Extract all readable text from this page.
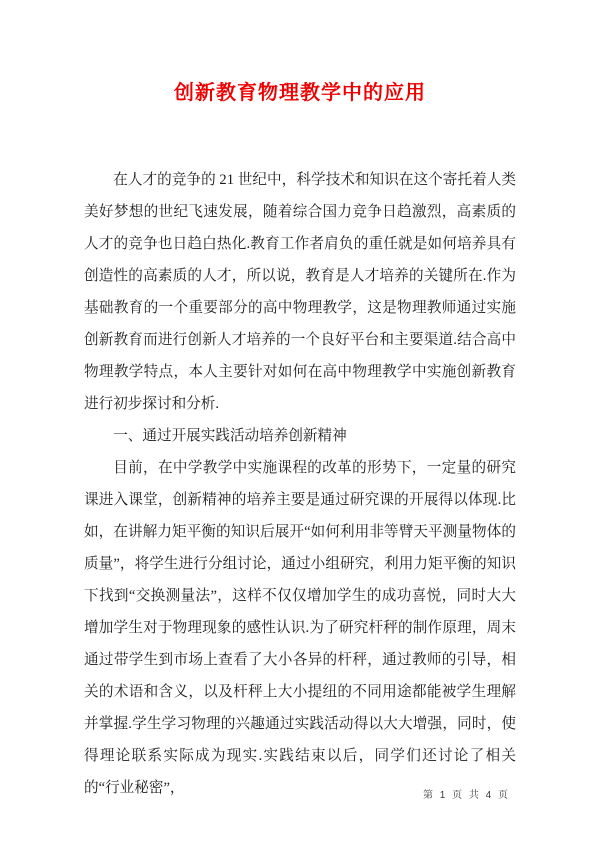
创新教育物理教学中的应用

在人才的竞争的 21 世纪中，科学技术和知识在这个寄托着人类美好梦想的世纪飞速发展，随着综合国力竞争日趋激烈，高素质的人才的竞争也日趋白热化.教育工作者肩负的重任就是如何培养具有创造性的高素质的人才，所以说，教育是人才培养的关键所在.作为基础教育的一个重要部分的高中物理教学，这是物理教师通过实施创新教育而进行创新人才培养的一个良好平台和主要渠道.结合高中物理教学特点，本人主要针对如何在高中物理教学中实施创新教育进行初步探讨和分析.

一、通过开展实践活动培养创新精神

目前，在中学教学中实施课程的改革的形势下，一定量的研究课进入课堂，创新精神的培养主要是通过研究课的开展得以体现.比如，在讲解力矩平衡的知识后展开“如何利用非等臂天平测量物体的质量”，将学生进行分组讨论，通过小组研究，利用力矩平衡的知识下找到“交换测量法”，这样不仅仅增加学生的成功喜悦，同时大大增加学生对于物理现象的感性认识.为了研究杆秤的制作原理，周末通过带学生到市场上查看了大小各异的杆秤，通过教师的引导，相关的术语和含义，以及杆秤上大小提纽的不同用途都能被学生理解并掌握.学生学习物理的兴趣通过实践活动得以大大增强，同时，使得理论联系实际成为现实.实践结束以后，同学们还讨论了相关的“行业秘密”，	第 1 页 共 4 页
